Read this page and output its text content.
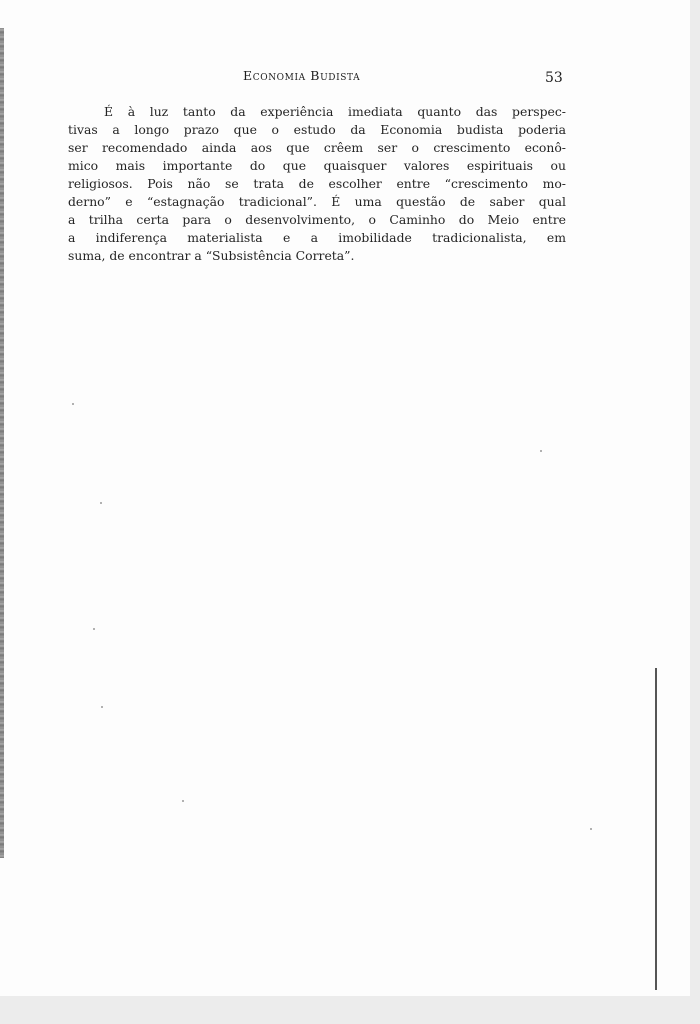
Economia Budista	53
É à luz tanto da experiência imediata quanto das perspec-
tivas a longo prazo que o estudo da Economia budista poderia
ser recomendado ainda aos que crêem ser o crescimento econô-
mico mais importante do que quaisquer valores espirituais ou
religiosos. Pois não se trata de escolher entre “crescimento mo-
derno” e “estagnação tradicional”. É uma questão de saber qual
a trilha certa para o desenvolvimento, o Caminho do Meio entre
a indiferença materialista e a imobilidade tradicionalista, em
suma, de encontrar a “Subsistência Correta”.
